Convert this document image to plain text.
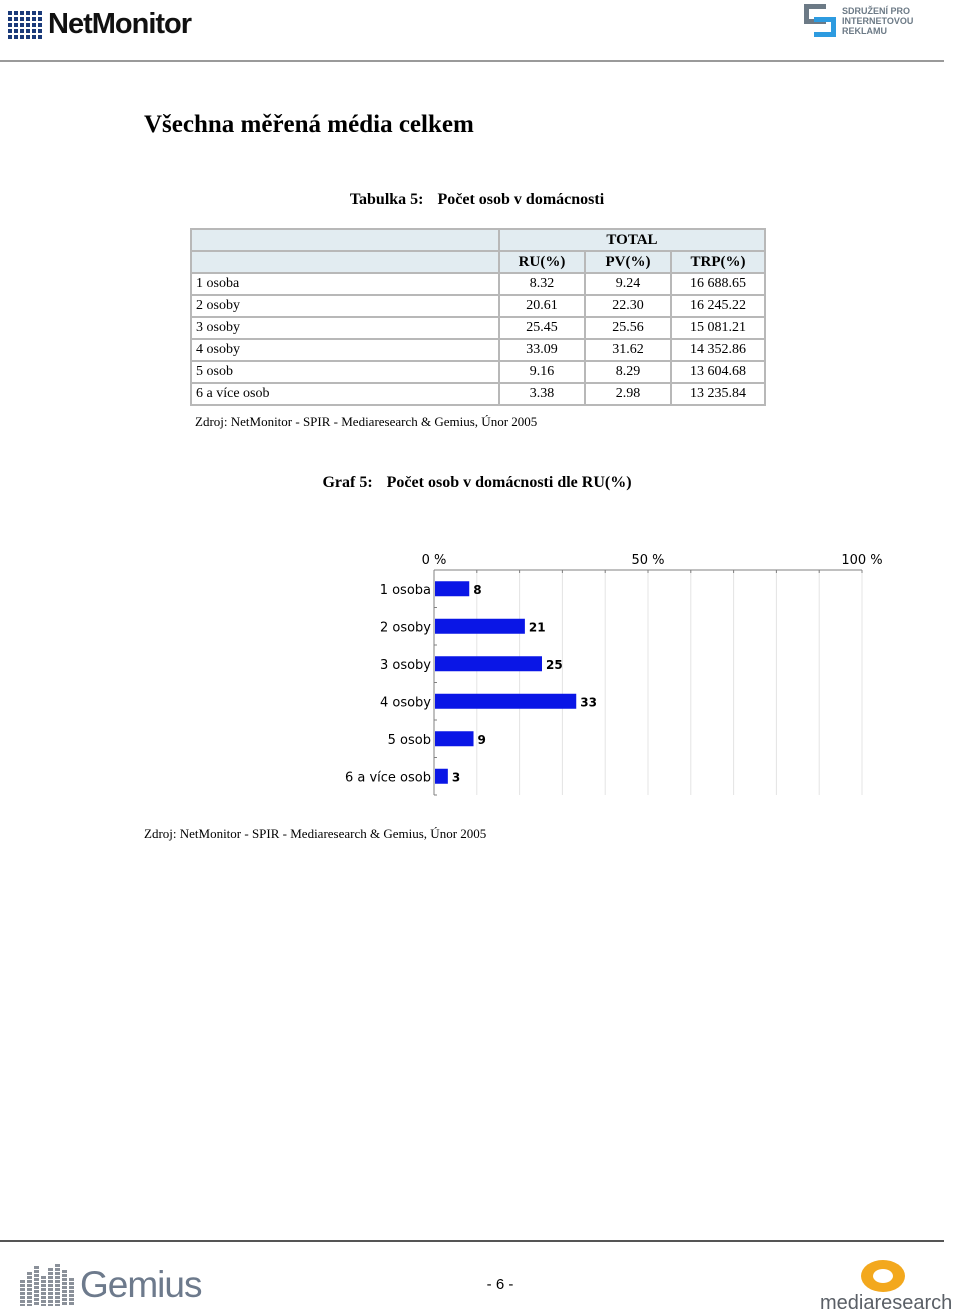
NetMonitor	SDRUŽENÍ PRO INTERNETOVOU REKLAMU
Všechna měřená média celkem
Tabulka 5: Počet osob v domácnosti
	TOTAL		
	RU(%)	PV(%)	TRP(%)
1 osoba	8.32	9.24	16 688.65
2 osoby	20.61	22.30	16 245.22
3 osoby	25.45	25.56	15 081.21
4 osoby	33.09	31.62	14 352.86
5 osob	9.16	8.29	13 604.68
6 a více osob	3.38	2.98	13 235.84
Zdroj: NetMonitor - SPIR - Mediaresearch & Gemius, Únor 2005
Graf 5: Počet osob v domácnosti dle RU(%)
0 %	50 %	100 %
1 osoba	8
2 osoby	21
3 osoby	25
4 osoby	33
5 osob	9
6 a více osob 3
Zdroj: NetMonitor - SPIR - Mediaresearch & Gemius, Únor 2005
Gemius	- 6 -
mediaresearch
